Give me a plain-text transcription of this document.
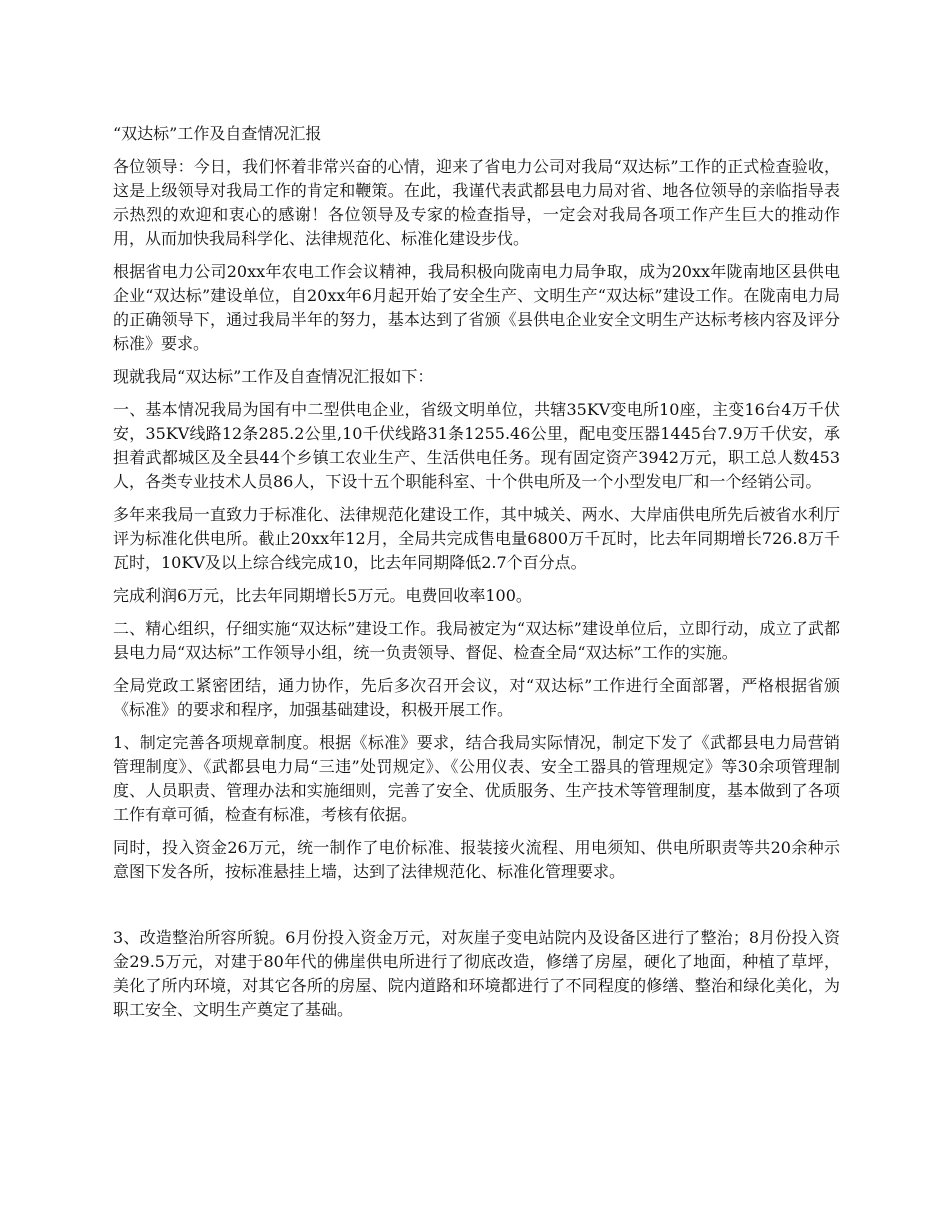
“双达标”工作及自查情况汇报

各位领导：今日，我们怀着非常兴奋的心情，迎来了省电力公司对我局“双达标”工作的正式检查验收，这是上级领导对我局工作的肯定和鞭策。在此，我谨代表武都县电力局对省、地各位领导的亲临指导表示热烈的欢迎和衷心的感谢！各位领导及专家的检查指导，一定会对我局各项工作产生巨大的推动作用，从而加快我局科学化、法律规范化、标准化建设步伐。

根据省电力公司20xx年农电工作会议精神，我局积极向陇南电力局争取，成为20xx年陇南地区县供电企业“双达标”建设单位，自20xx年6月起开始了安全生产、文明生产“双达标”建设工作。在陇南电力局的正确领导下，通过我局半年的努力，基本达到了省颁《县供电企业安全文明生产达标考核内容及评分标准》要求。

现就我局“双达标”工作及自查情况汇报如下：

一、基本情况我局为国有中二型供电企业，省级文明单位，共辖35KV变电所10座，主变16台4万千伏安，35KV线路12条285.2公里,10千伏线路31条1255.46公里，配电变压器1445台7.9万千伏安，承担着武都城区及全县44个乡镇工农业生产、生活供电任务。现有固定资产3942万元，职工总人数453人，各类专业技术人员86人，下设十五个职能科室、十个供电所及一个小型发电厂和一个经销公司。

多年来我局一直致力于标准化、法律规范化建设工作，其中城关、两水、大岸庙供电所先后被省水利厅评为标准化供电所。截止20xx年12月，全局共完成售电量6800万千瓦时，比去年同期增长726.8万千瓦时，10KV及以上综合线完成10，比去年同期降低2.7个百分点。

完成利润6万元，比去年同期增长5万元。电费回收率100。

二、精心组织，仔细实施“双达标”建设工作。我局被定为“双达标”建设单位后，立即行动，成立了武都县电力局“双达标”工作领导小组，统一负责领导、督促、检查全局“双达标”工作的实施。

全局党政工紧密团结，通力协作，先后多次召开会议，对“双达标”工作进行全面部署，严格根据省颁《标准》的要求和程序，加强基础建设，积极开展工作。

1、制定完善各项规章制度。根据《标准》要求，结合我局实际情况，制定下发了《武都县电力局营销管理制度》、《武都县电力局“三违”处罚规定》、《公用仪表、安全工器具的管理规定》等30余项管理制度、人员职责、管理办法和实施细则，完善了安全、优质服务、生产技术等管理制度，基本做到了各项工作有章可循，检查有标准，考核有依据。

同时，投入资金26万元，统一制作了电价标准、报装接火流程、用电须知、供电所职责等共20余种示意图下发各所，按标准悬挂上墙，达到了法律规范化、标准化管理要求。

3、改造整治所容所貌。6月份投入资金万元，对灰崖子变电站院内及设备区进行了整治；8月份投入资金29.5万元，对建于80年代的佛崖供电所进行了彻底改造，修缮了房屋，硬化了地面，种植了草坪，美化了所内环境，对其它各所的房屋、院内道路和环境都进行了不同程度的修缮、整治和绿化美化，为职工安全、文明生产奠定了基础。
